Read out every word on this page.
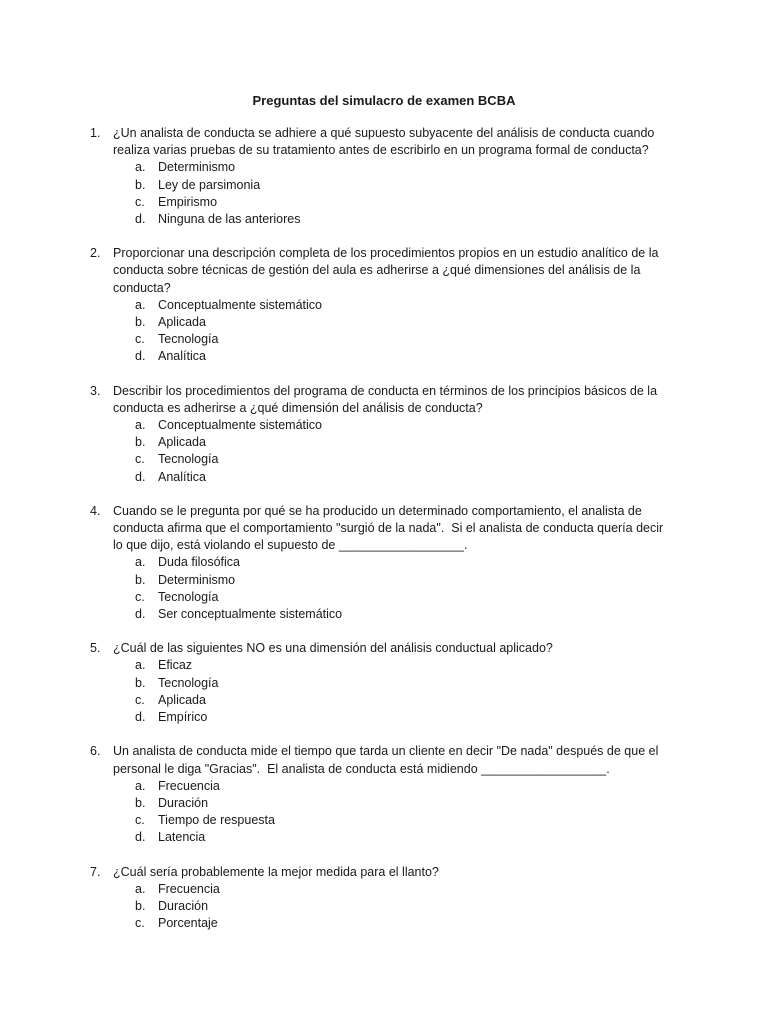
Preguntas del simulacro de examen BCBA
1.	¿Un analista de conducta se adhiere a qué supuesto subyacente del análisis de conducta cuando
realiza varias pruebas de su tratamiento antes de escribirlo en un programa formal de conducta?
a.	Determinismo
b.	Ley de parsimonia
c.	Empirismo
d.	Ninguna de las anteriores
2.	Proporcionar una descripción completa de los procedimientos propios en un estudio analítico de la
conducta sobre técnicas de gestión del aula es adherirse a ¿qué dimensiones del análisis de la
conducta?
a.	Conceptualmente sistemático
b.	Aplicada
c.	Tecnología
d.	Analítica
3.	Describir los procedimientos del programa de conducta en términos de los principios básicos de la
conducta es adherirse a ¿qué dimensión del análisis de conducta?
a.	Conceptualmente sistemático
b.	Aplicada
c.	Tecnología
d.	Analítica
4.	Cuando se le pregunta por qué se ha producido un determinado comportamiento, el analista de
conducta afirma que el comportamiento "surgió de la nada".  Si el analista de conducta quería decir
lo que dijo, está violando el supuesto de __________________.
a.	Duda filosófica
b.	Determinismo
c.	Tecnología
d.	Ser conceptualmente sistemático
5.	¿Cuál de las siguientes NO es una dimensión del análisis conductual aplicado?
a.	Eficaz
b.	Tecnología
c.	Aplicada
d.	Empírico
6.	Un analista de conducta mide el tiempo que tarda un cliente en decir "De nada" después de que el
personal le diga "Gracias".  El analista de conducta está midiendo __________________.
a.	Frecuencia
b.	Duración
c.	Tiempo de respuesta
d.	Latencia
7.	¿Cuál sería probablemente la mejor medida para el llanto?
a.	Frecuencia
b.	Duración
c.	Porcentaje
